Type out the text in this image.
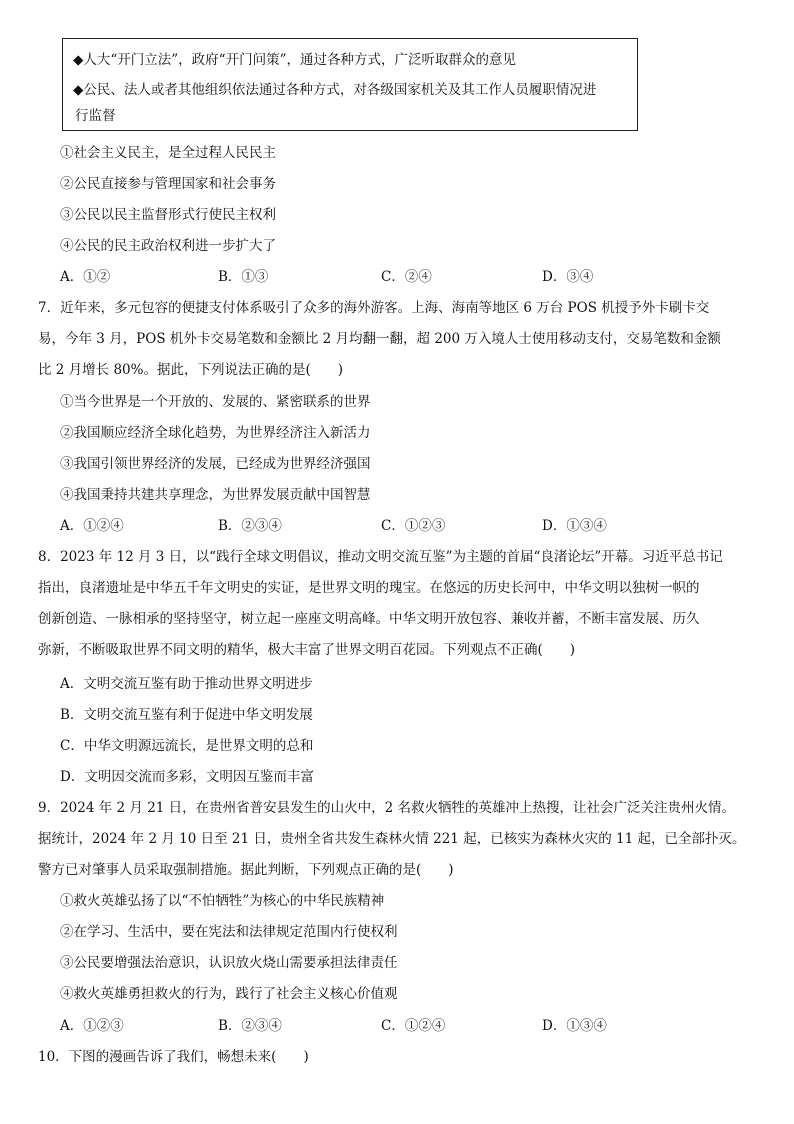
◆人大“开门立法”，政府“开门问策”，通过各种方式，广泛听取群众的意见
◆公民、法人或者其他组织依法通过各种方式，对各级国家机关及其工作人员履职情况进
行监督
①社会主义民主，是全过程人民民主
②公民直接参与管理国家和社会事务
③公民以民主监督形式行使民主权利
④公民的民主政治权利进一步扩大了
A．①②	B．①③	C．②④	D．③④
7．近年来，多元包容的便捷支付体系吸引了众多的海外游客。上海、海南等地区 6 万台 POS 机授予外卡刷卡交
易，今年 3 月，POS 机外卡交易笔数和金额比 2 月均翻一翻，超 200 万入境人士使用移动支付，交易笔数和金额
比 2 月增长 80%。据此，下列说法正确的是(　　)
①当今世界是一个开放的、发展的、紧密联系的世界
②我国顺应经济全球化趋势，为世界经济注入新活力
③我国引领世界经济的发展，已经成为世界经济强国
④我国秉持共建共享理念，为世界发展贡献中国智慧
A．①②④	B．②③④	C．①②③	D．①③④
8．2023 年 12 月 3 日，以“践行全球文明倡议，推动文明交流互鉴”为主题的首届“良渚论坛”开幕。习近平总书记
指出，良渚遗址是中华五千年文明史的实证，是世界文明的瑰宝。在悠远的历史长河中，中华文明以独树一帜的
创新创造、一脉相承的坚持坚守，树立起一座座文明高峰。中华文明开放包容、兼收并蓄，不断丰富发展、历久
弥新，不断吸取世界不同文明的精华，极大丰富了世界文明百花园。下列观点不正确(　　)
A．文明交流互鉴有助于推动世界文明进步
B．文明交流互鉴有利于促进中华文明发展
C．中华文明源远流长，是世界文明的总和
D．文明因交流而多彩，文明因互鉴而丰富
9．2024 年 2 月 21 日，在贵州省普安县发生的山火中，2 名救火牺牲的英雄冲上热搜，让社会广泛关注贵州火情。
据统计，2024 年 2 月 10 日至 21 日，贵州全省共发生森林火情 221 起，已核实为森林火灾的 11 起，已全部扑灭。
警方已对肇事人员采取强制措施。据此判断，下列观点正确的是(　　)
①救火英雄弘扬了以“不怕牺牲”为核心的中华民族精神
②在学习、生活中，要在宪法和法律规定范围内行使权利
③公民要增强法治意识，认识放火烧山需要承担法律责任
④救火英雄勇担救火的行为，践行了社会主义核心价值观
A．①②③	B．②③④	C．①②④	D．①③④
10．下图的漫画告诉了我们，畅想未来(　　)
